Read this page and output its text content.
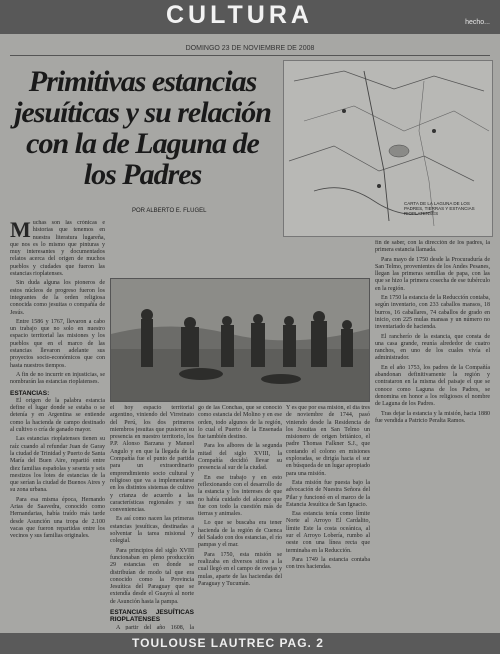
CULTURA	hecho...
DOMINGO 23 DE NOVIEMBRE DE 2008
Primitivas estancias jesuíticas y su relación con la de Laguna de los Padres
POR ALBERTO E. FLUGEL
CARTA DE LA LAGUNA DE LOS PADRES, TIERRAS Y ESTANCIAS RIOPLATENSES

Muchas son las crónicas e historias que tenemos en nuestra literatura lugareña, que nos es lo mismo que pinturas y muy interesantes y documentados relatos acerca del origen de muchos pueblos y ciudades que fueron las estancias rioplatenses.

Sin duda alguna los pioneros de estos núcleos de progreso fueron los integrantes de la orden religiosa conocida como jesuitas o compañía de Jesús.

Entre 1586 y 1767, llevaron a cabo un trabajo que no solo en nuestro espacio territorial las misiones y los pueblos que en el marco de las estancias llevaron adelante sus proyectos socio-económicos que con hasta nuestros tiempos.

A fin de no incurrir en injusticias, se nombrarán las estancias rioplatenses.

ESTANCIAS:

El origen de la palabra estancia define el lugar donde se estaba o se detenía y en Argentina se entiende como la hacienda de campo destinado al cultivo o cría de ganado mayor.

Las estancias rioplatenses tienen su raíz cuando al refundar Juan de Garay la ciudad de Trinidad y Puerto de Santa María del Buen Aire, repartió entre diez familias españolas y sesenta y seis mestizos los lotes de estancias de la que serían la ciudad de Buenos Aires y su zona urbana.

Para esa misma época, Hernando Arias de Saavedra, conocido como Hernandarias, había traído más tarde desde Asunción una tropa de 2.100 vacas que fueron repartidas entre los vecinos y sus familias originales.

el hoy espacio territorial argentino, viniendo del Virreinato del Perú, los dos primeros miembros jesuitas que pusieron su presencia en nuestro territorio, los P.P. Alonso Barzana y Manuel Angulo y en que la llegada de la Compañía fue el punto de partida para un extraordinario emprendimiento socio cultural y religioso que va a implementarse en los distintos sistemas de cultivo y crianza de acuerdo a las características regionales y sus conveniencias.

Es así como nacen las primeras estancias jesuíticas, destinadas a solventar la tarea misional y colegial.

Para principios del siglo XVIII funcionaban en pleno producción 29 estancias en donde se distribuían de modo tal que era conocido como la Provincia Jesuítica del Paraguay que se extendía desde el Guayrá al norte de Asunción hasta la pampa.

ESTANCIAS JESUÍTICAS RIOPLATENSES

A partir del año 1608, la

go de las Conchas, que se conoció como estancia del Molino y en ese orden, todo algunos de la región, lo cual el Puerto de la Ensenada fue también destino.

Para los albores de la segunda mitad del siglo XVIII, la Compañía decidió llevar su presencia al sur de la ciudad.

En ese trabajo y en esto reflexionando con el desarrollo de la estancia y los intereses de que no había cuidado del alcance que fue con todo la cuestión más de tierras y animales.

Lo que se buscaba era tener hacienda de la región de Cuenca del Salado con dos estancias, el río pampas y el mar.

Para 1750, esta misión se realizaba en diversos sitios a la cual llegó en el campo de ovejas y mulas, aparte de las haciendas del Paraguay y Tucumán.

Y es que por esa misión, el día tres de noviembre de 1744, pasó viniendo desde la Residencia de los Jesuitas en San Telmo un misionero de origen británico, el padre Thomas Falkner S.J., que contando el colono en misiones exploradas, se dirigía hacia el sur en búsqueda de un lugar apropiado para una misión.

Esta misión fue puesta bajo la advocación de Nuestra Señora del Pilar y funcionó en el marco de la Estancia Jesuítica de San Ignacio.

Esa estancia tenía como límite Norte al Arroyo El Cardalito, límite Este la costa oceánica, al sur el Arroyo Lobería, rumbo al oeste con una línea recta que terminaba en la Reducción.

Para 1749 la estancia contaba con tres haciendas.

fin de saber, con la dirección de los padres, la primera estancia llamada.

Para mayo de 1750 desde la Procuraduría de San Telmo, provenientes de los Andes Pesanes, llegan las primeras semillas de papa, con las que se hizo la primera cosecha de ese tubérculo en la región.

En 1750 la estancia de la Reducción contaba, según inventario, con 233 caballos mansos, 18 burros, 16 caballares, 74 caballos de grado en inicio, con 225 mulas mansas y un número no inventariado de hacienda.

El rancherío de la estancia, que consta de una casa grande, reunía alrededor de cuatro ranchos, en uno de los cuales vivía el administrador.

En el año 1753, los padres de la Compañía abandonan definitivamente la región y contrataron en la misma del paisaje el que se conoce como Laguna de los Padres, se denomina en honor a los religiosos el nombre de Laguna de los Padres.

Tras dejar la estancia y la misión, hacia 1880 fue vendida a Patricio Peralta Ramos.

TOULOUSE LAUTREC PAG. 2
